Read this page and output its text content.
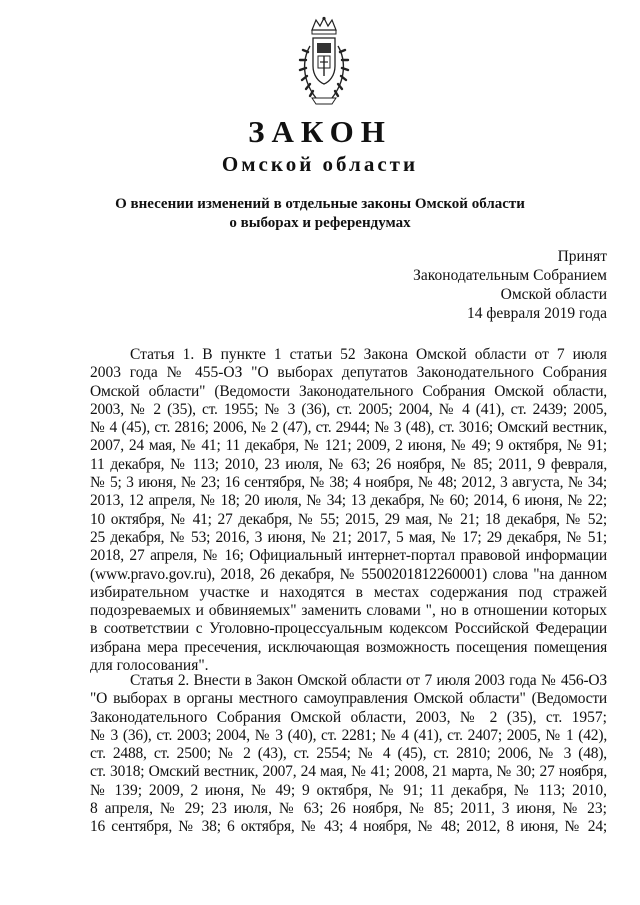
ЗАКОН
Омской области
О внесении изменений в отдельные законы Омской области
о выборах и референдумах
Принят
Законодательным Собранием
Омской области
14 февраля 2019 года
Статья 1. В пункте 1 статьи 52 Закона Омской области от 7 июля
2003 года № 455-ОЗ "О выборах депутатов Законодательного Собрания
Омской области" (Ведомости Законодательного Собрания Омской области,
2003, № 2 (35), ст. 1955; № 3 (36), ст. 2005; 2004, № 4 (41), ст. 2439; 2005,
№ 4 (45), ст. 2816; 2006, № 2 (47), ст. 2944; № 3 (48), ст. 3016; Омский вестник,
2007, 24 мая, № 41; 11 декабря, № 121; 2009, 2 июня, № 49; 9 октября, № 91;
11 декабря, № 113; 2010, 23 июля, № 63; 26 ноября, № 85; 2011, 9 февраля,
№ 5; 3 июня, № 23; 16 сентября, № 38; 4 ноября, № 48; 2012, 3 августа, № 34;
2013, 12 апреля, № 18; 20 июля, № 34; 13 декабря, № 60; 2014, 6 июня, № 22;
10 октября, № 41; 27 декабря, № 55; 2015, 29 мая, № 21; 18 декабря, № 52;
25 декабря, № 53; 2016, 3 июня, № 21; 2017, 5 мая, № 17; 29 декабря, № 51;
2018, 27 апреля, № 16; Официальный интернет-портал правовой информации
(www.pravo.gov.ru), 2018, 26 декабря, № 5500201812260001) слова "на данном
избирательном участке и находятся в местах содержания под стражей
подозреваемых и обвиняемых" заменить словами ", но в отношении которых
в соответствии с Уголовно-процессуальным кодексом Российской Федерации
избрана мера пресечения, исключающая возможность посещения помещения
для голосования".
Статья 2. Внести в Закон Омской области от 7 июля 2003 года № 456-ОЗ
"О выборах в органы местного самоуправления Омской области" (Ведомости
Законодательного Собрания Омской области, 2003, № 2 (35), ст. 1957;
№ 3 (36), ст. 2003; 2004, № 3 (40), ст. 2281; № 4 (41), ст. 2407; 2005, № 1 (42),
ст. 2488, ст. 2500; № 2 (43), ст. 2554; № 4 (45), ст. 2810; 2006, № 3 (48),
ст. 3018; Омский вестник, 2007, 24 мая, № 41; 2008, 21 марта, № 30; 27 ноября,
№ 139; 2009, 2 июня, № 49; 9 октября, № 91; 11 декабря, № 113; 2010,
8 апреля, № 29; 23 июля, № 63; 26 ноября, № 85; 2011, 3 июня, № 23;
16 сентября, № 38; 6 октября, № 43; 4 ноября, № 48; 2012, 8 июня, № 24;
